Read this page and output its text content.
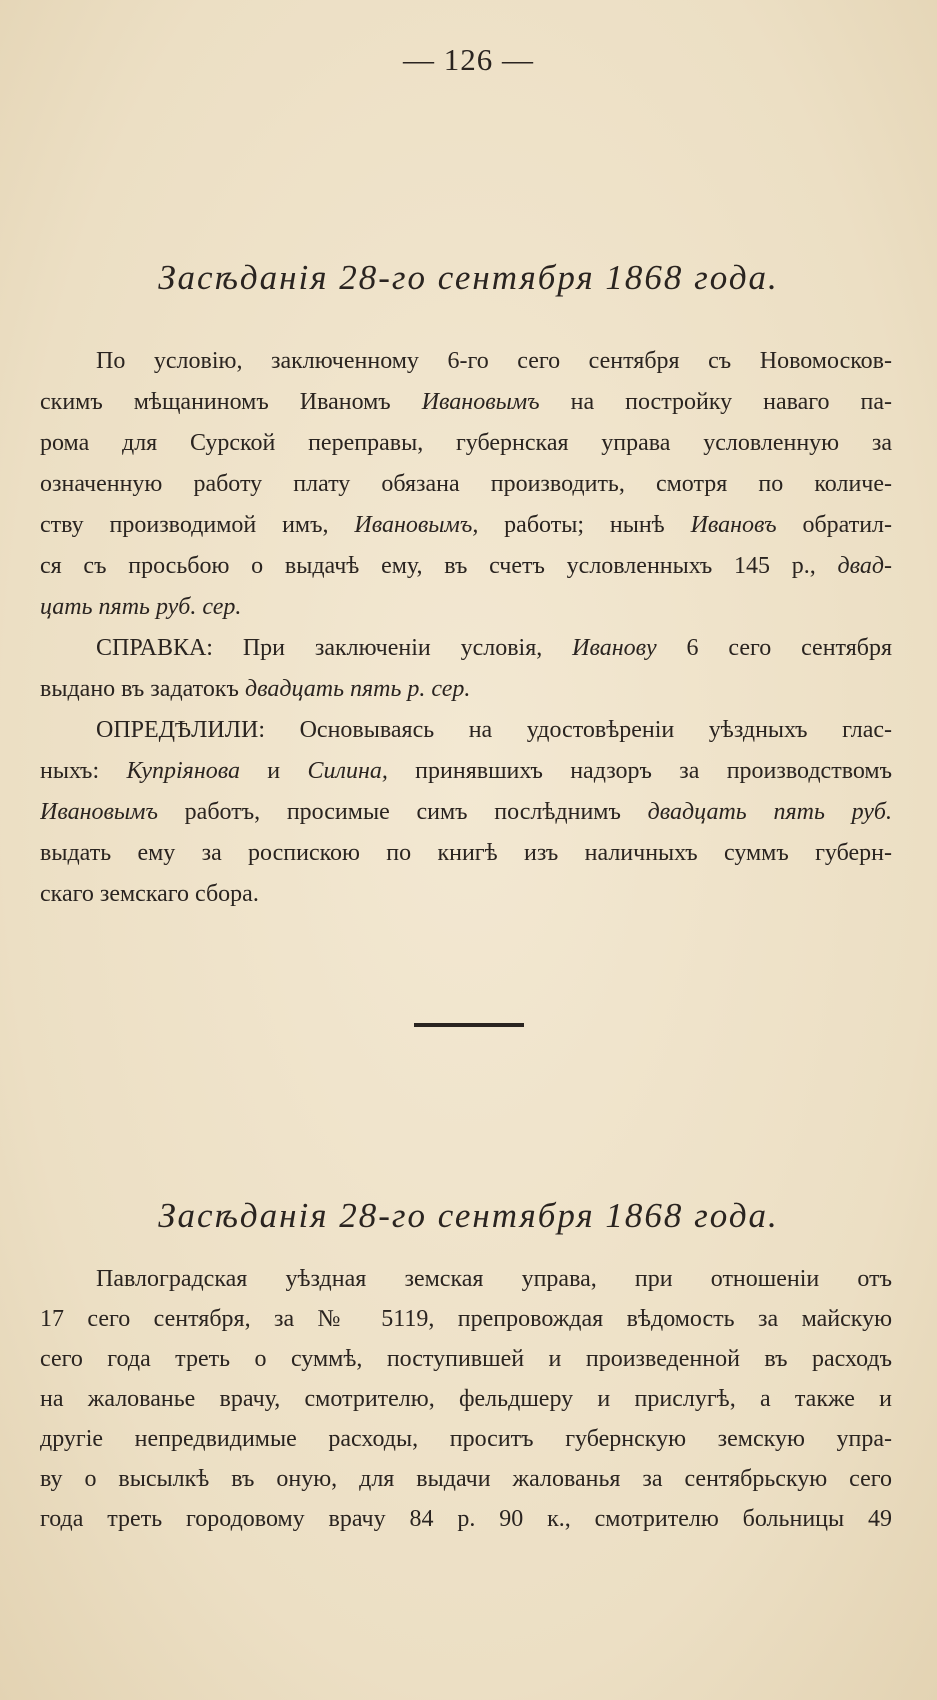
— 126 —
Засѣданія 28-го сентября 1868 года.
По условію, заключенному 6-го сего сентября съ Новомосков-
скимъ мѣщаниномъ Иваномъ Ивановымъ на постройку наваго па-
рома для Сурской переправы, губернская управа условленную за
означенную работу плату обязана производить, смотря по количе-
ству производимой имъ, Ивановымъ, работы; нынѣ Ивановъ обратил-
ся съ просьбою о выдачѣ ему, въ счетъ условленныхъ 145 р., двад-
цать пять руб. сер.
СПРАВКА: При заключеніи условія, Иванову 6 сего сентября
выдано въ задатокъ двадцать пять р. сер.
ОПРЕДѢЛИЛИ: Основываясь на удостовѣреніи уѣздныхъ глас-
ныхъ: Купріянова и Силина, принявшихъ надзоръ за производствомъ
Ивановымъ работъ, просимые симъ послѣднимъ двадцать пять руб.
выдать ему за роспискою по книгѣ изъ наличныхъ суммъ губерн-
скаго земскаго сбора.
Засѣданія 28-го сентября 1868 года.
Павлоградская уѣздная земская управа, при отношеніи отъ
17 сего сентября, за № 5119, препровождая вѣдомость за майскую
сего года треть о суммѣ, поступившей и произведенной въ расходъ
на жалованье врачу, смотрителю, фельдшеру и прислугѣ, а также и
другіе непредвидимые расходы, проситъ губернскую земскую упра-
ву о высылкѣ въ оную, для выдачи жалованья за сентябрьскую сего
года треть городовому врачу 84 р. 90 к., смотрителю больницы 49
